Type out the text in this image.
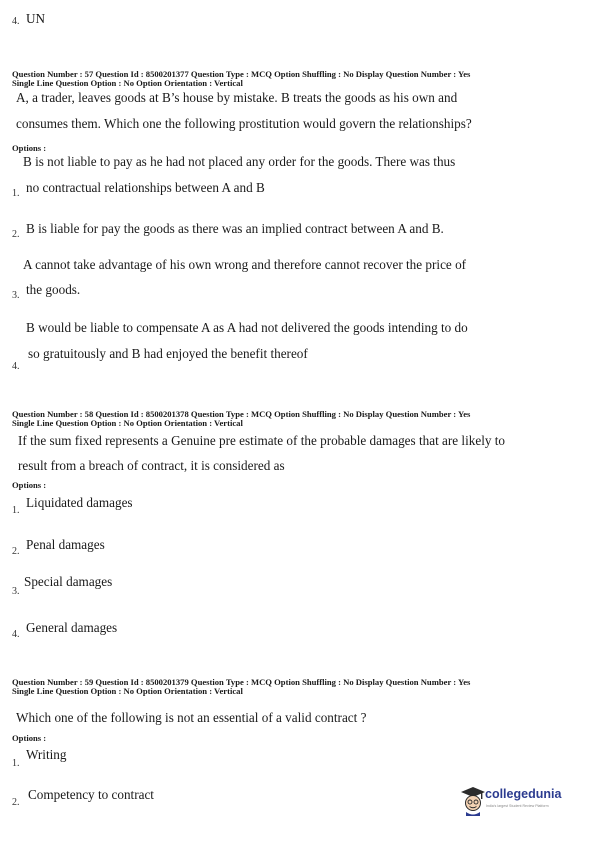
4. UN
Question Number : 57 Question Id : 8500201377 Question Type : MCQ Option Shuffling : No Display Question Number : Yes
Single Line Question Option : No Option Orientation : Vertical
A, a trader, leaves goods at B’s house by mistake. B treats the goods as his own and
consumes them. Which one the following prostitution would govern the relationships?
Options :
B is not liable to pay as he had not placed any order for the goods. There was thus
1. no contractual relationships between A and B
2. B is liable for pay the goods as there was an implied contract between A and B.
A cannot take advantage of his own wrong and therefore cannot recover the price of
3. the goods.
B would be liable to compensate A as A had not delivered the goods intending to do
so gratuitously and B had enjoyed the benefit thereof
4.
Question Number : 58 Question Id : 8500201378 Question Type : MCQ Option Shuffling : No Display Question Number : Yes
Single Line Question Option : No Option Orientation : Vertical
If the sum fixed represents a Genuine pre estimate of the probable damages that are likely to
result from a breach of contract, it is considered as
Options :
1.
Liquidated damages
2. Penal damages
Special damages
3.
4. General damages
Question Number : 59 Question Id : 8500201379 Question Type : MCQ Option Shuffling : No Display Question Number : Yes
Single Line Question Option : No Option Orientation : Vertical
Which one of the following is not an essential of a valid contract ?
Options :
1.
Writing
2.
Competency to contract	collegedunia
India's largest Student Review Platform
